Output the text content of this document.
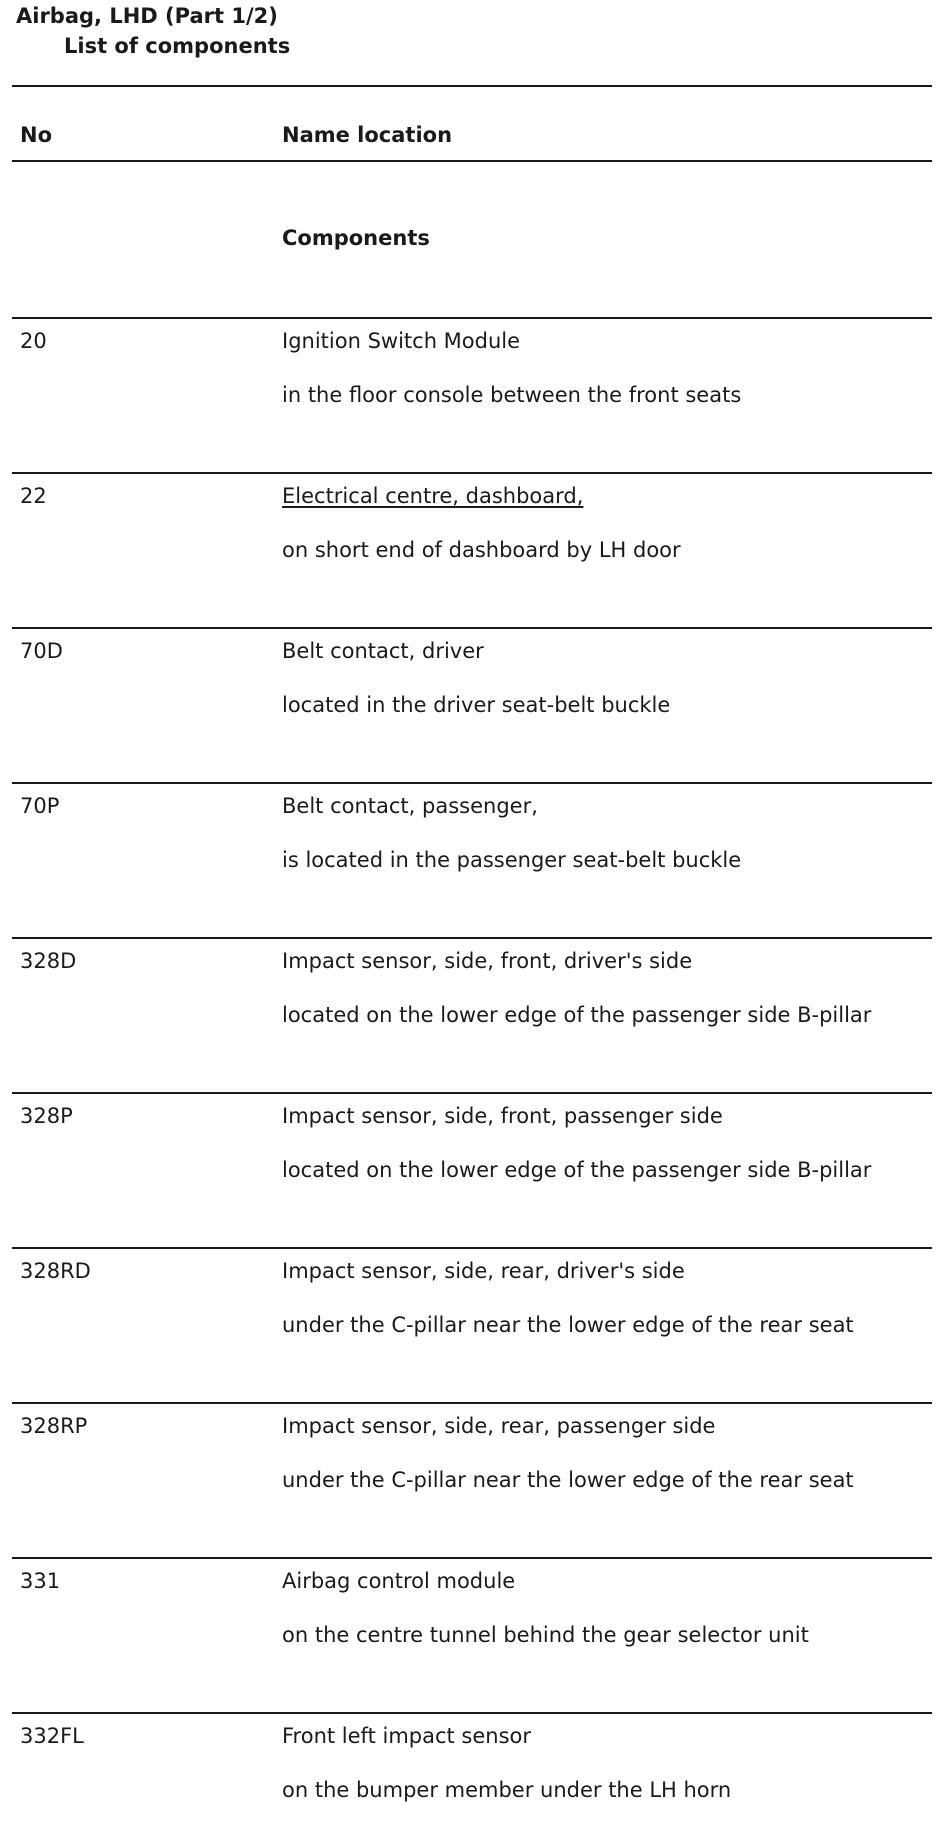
Airbag, LHD (Part 1/2)
List of components
No	Name location
Components
20	Ignition Switch Module
in the floor console between the front seats
22	Electrical centre, dashboard,
on short end of dashboard by LH door
70D	Belt contact, driver
located in the driver seat-belt buckle
70P	Belt contact, passenger,
is located in the passenger seat-belt buckle
328D	Impact sensor, side, front, driver's side
located on the lower edge of the passenger side B-pillar
328P	Impact sensor, side, front, passenger side
located on the lower edge of the passenger side B-pillar
328RD	Impact sensor, side, rear, driver's side
under the C-pillar near the lower edge of the rear seat
328RP	Impact sensor, side, rear, passenger side
under the C-pillar near the lower edge of the rear seat
331	Airbag control module
on the centre tunnel behind the gear selector unit
332FL	Front left impact sensor
on the bumper member under the LH horn
